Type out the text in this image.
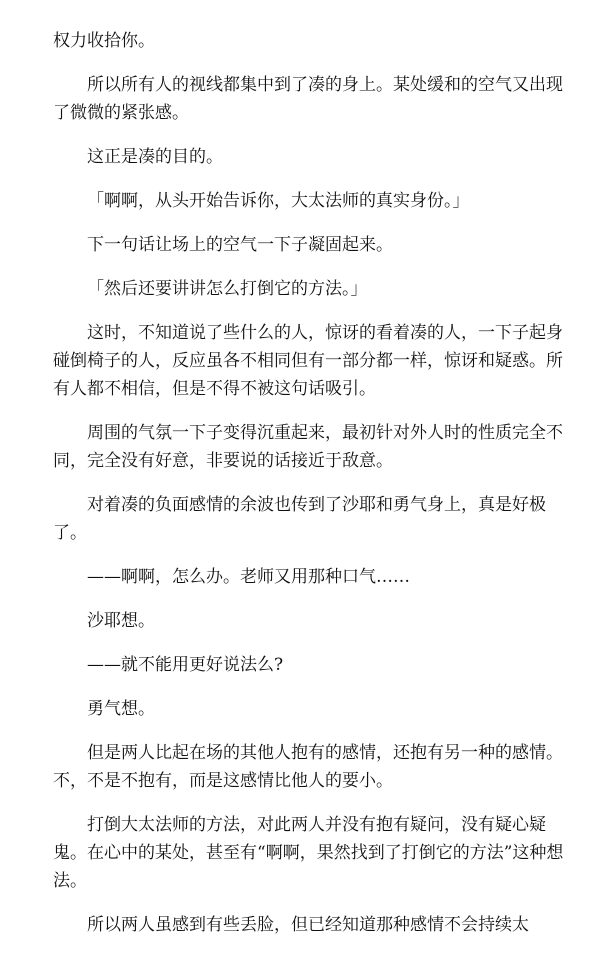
权力收拾你。

所以所有人的视线都集中到了凑的身上。某处缓和的空气又出现了微微的紧张感。

这正是凑的目的。

「啊啊，从头开始告诉你，大太法师的真实身份。」

下一句话让场上的空气一下子凝固起来。

「然后还要讲讲怎么打倒它的方法。」

这时，不知道说了些什么的人，惊讶的看着凑的人，一下子起身碰倒椅子的人，反应虽各不相同但有一部分都一样，惊讶和疑惑。所有人都不相信，但是不得不被这句话吸引。

周围的气氛一下子变得沉重起来，最初针对外人时的性质完全不同，完全没有好意，非要说的话接近于敌意。

对着凑的负面感情的余波也传到了沙耶和勇气身上，真是好极了。

——啊啊，怎么办。老师又用那种口气……

沙耶想。

——就不能用更好说法么?

勇气想。

但是两人比起在场的其他人抱有的感情，还抱有另一种的感情。不，不是不抱有，而是这感情比他人的要小。

打倒大太法师的方法，对此两人并没有抱有疑问，没有疑心疑鬼。在心中的某处，甚至有“啊啊，果然找到了打倒它的方法”这种想法。

所以两人虽感到有些丢脸，但已经知道那种感情不会持续太
